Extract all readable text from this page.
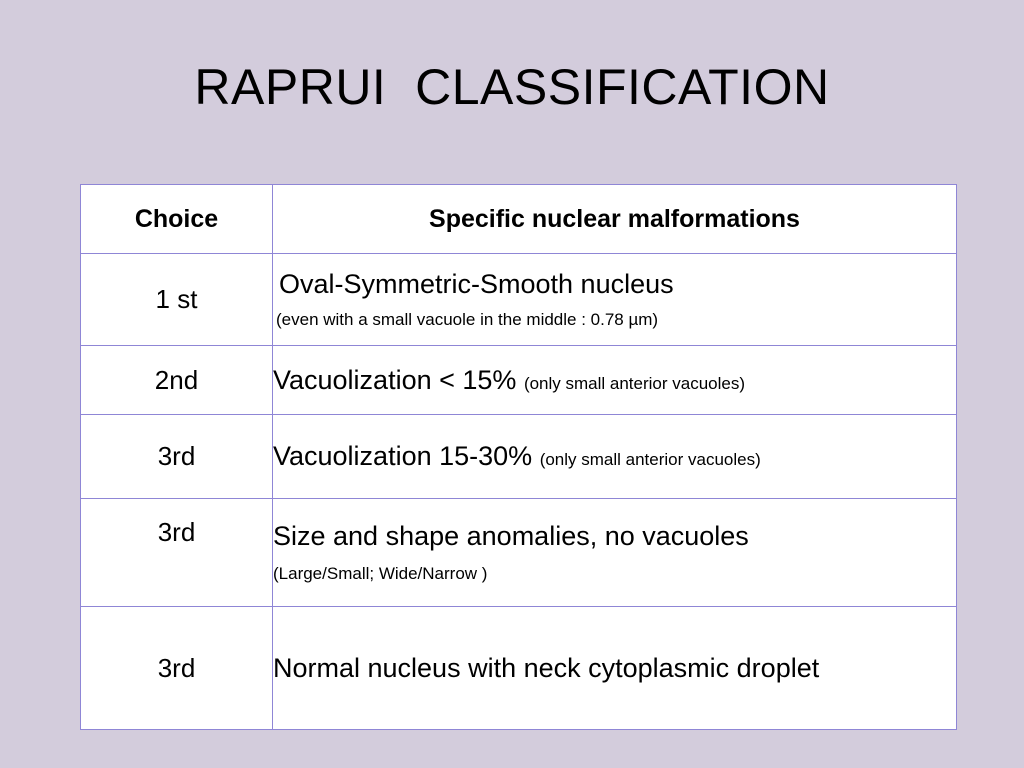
RAPRUI  CLASSIFICATION
Choice	Specific nuclear malformations
1 st	Oval-Symmetric-Smooth nucleus
(even with a small vacuole in the middle : 0.78 µm)

2nd	Vacuolization < 15% (only small anterior vacuoles)
3rd	Vacuolization 15-30% (only small anterior vacuoles)
3rd	Size and shape anomalies, no vacuoles
(Large/Small; Wide/Narrow )

3rd	Normal nucleus with neck cytoplasmic droplet
